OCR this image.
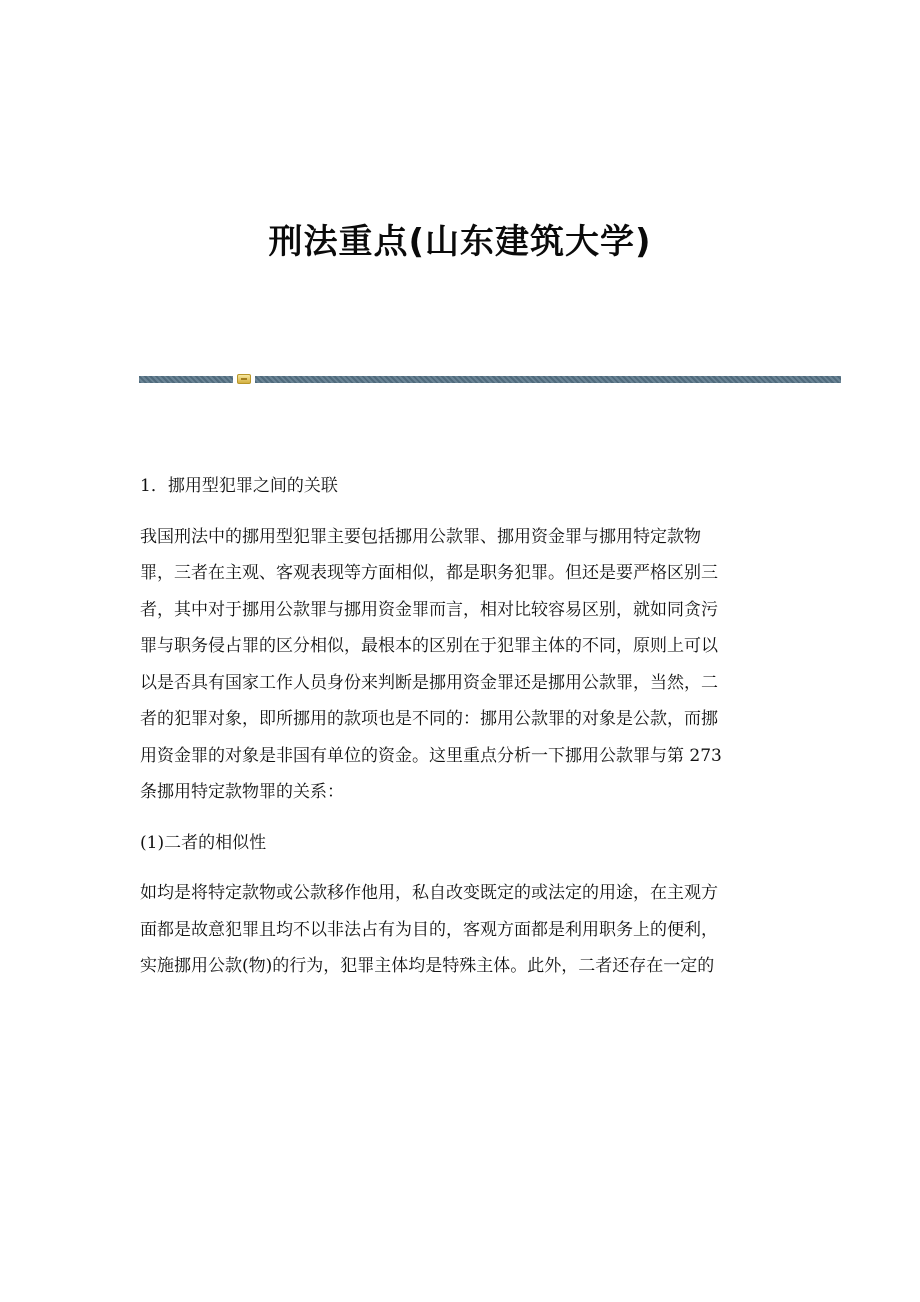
刑法重点(山东建筑大学)
1．挪用型犯罪之间的关联
我国刑法中的挪用型犯罪主要包括挪用公款罪、挪用资金罪与挪用特定款物
罪，三者在主观、客观表现等方面相似，都是职务犯罪。但还是要严格区别三
者，其中对于挪用公款罪与挪用资金罪而言，相对比较容易区别，就如同贪污
罪与职务侵占罪的区分相似，最根本的区别在于犯罪主体的不同，原则上可以
以是否具有国家工作人员身份来判断是挪用资金罪还是挪用公款罪，当然，二
者的犯罪对象，即所挪用的款项也是不同的：挪用公款罪的对象是公款，而挪
用资金罪的对象是非国有单位的资金。这里重点分析一下挪用公款罪与第 273
条挪用特定款物罪的关系：
(1)二者的相似性
如均是将特定款物或公款移作他用，私自改变既定的或法定的用途，在主观方
面都是故意犯罪且均不以非法占有为目的，客观方面都是利用职务上的便利，
实施挪用公款(物)的行为，犯罪主体均是特殊主体。此外，二者还存在一定的
